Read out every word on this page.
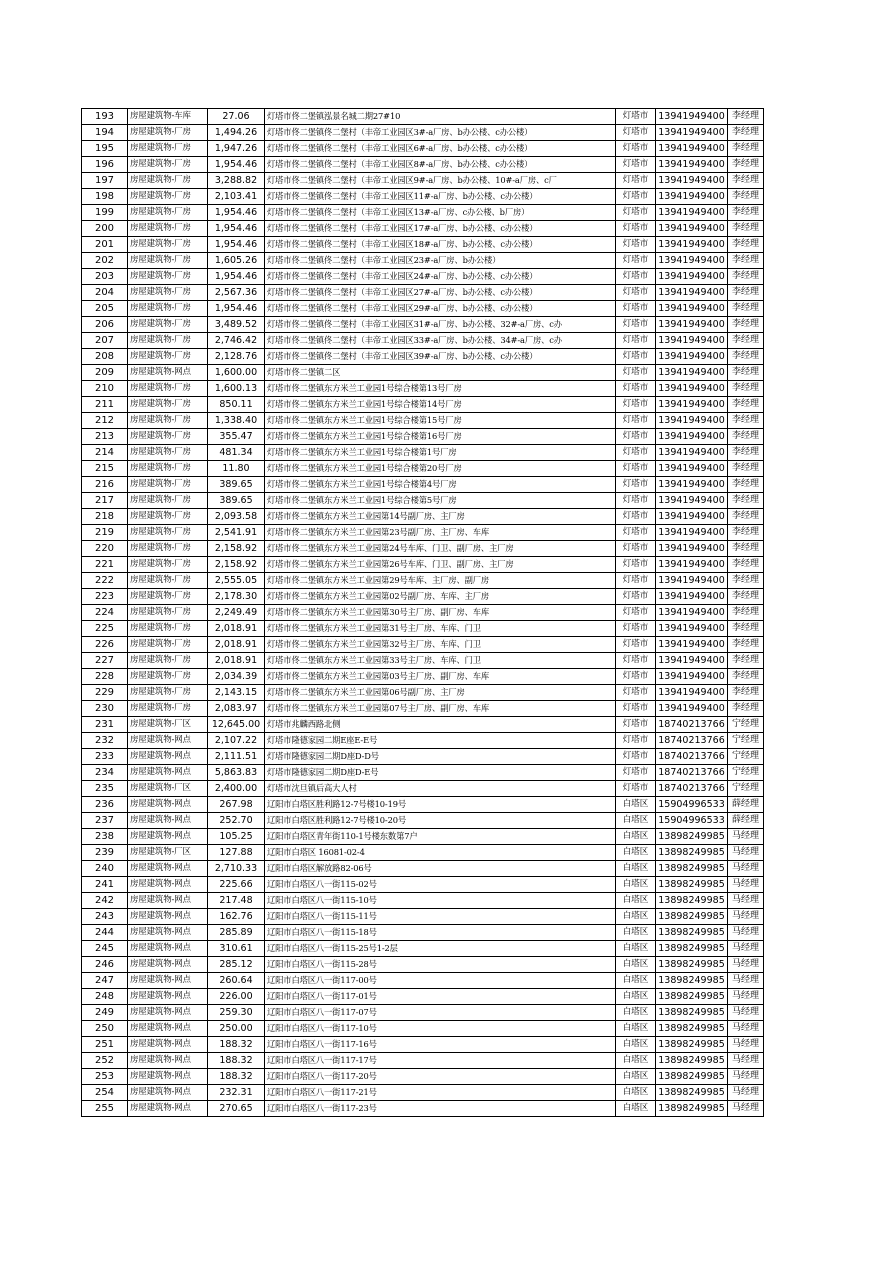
193	房屋建筑物-车库	27.06	灯塔市佟二堡镇泓景名城二期27#10	灯塔市	13941949400	李经理
194	房屋建筑物-厂房	1,494.26	灯塔市佟二堡镇佟二堡村（丰帝工业园区3#-a厂房、b办公楼、c办公楼）	灯塔市	13941949400	李经理
195	房屋建筑物-厂房	1,947.26	灯塔市佟二堡镇佟二堡村（丰帝工业园区6#-a厂房、b办公楼、c办公楼）	灯塔市	13941949400	李经理
196	房屋建筑物-厂房	1,954.46	灯塔市佟二堡镇佟二堡村（丰帝工业园区8#-a厂房、b办公楼、c办公楼）	灯塔市	13941949400	李经理
197	房屋建筑物-厂房	3,288.82	灯塔市佟二堡镇佟二堡村（丰帝工业园区9#-a厂房、b办公楼、10#-a厂房、c厂	灯塔市	13941949400	李经理
198	房屋建筑物-厂房	2,103.41	灯塔市佟二堡镇佟二堡村（丰帝工业园区11#-a厂房、b办公楼、c办公楼）	灯塔市	13941949400	李经理
199	房屋建筑物-厂房	1,954.46	灯塔市佟二堡镇佟二堡村（丰帝工业园区13#-a厂房、c办公楼、b厂房）	灯塔市	13941949400	李经理
200	房屋建筑物-厂房	1,954.46	灯塔市佟二堡镇佟二堡村（丰帝工业园区17#-a厂房、b办公楼、c办公楼）	灯塔市	13941949400	李经理
201	房屋建筑物-厂房	1,954.46	灯塔市佟二堡镇佟二堡村（丰帝工业园区18#-a厂房、b办公楼、c办公楼）	灯塔市	13941949400	李经理
202	房屋建筑物-厂房	1,605.26	灯塔市佟二堡镇佟二堡村（丰帝工业园区23#-a厂房、b办公楼）	灯塔市	13941949400	李经理
203	房屋建筑物-厂房	1,954.46	灯塔市佟二堡镇佟二堡村（丰帝工业园区24#-a厂房、b办公楼、c办公楼）	灯塔市	13941949400	李经理
204	房屋建筑物-厂房	2,567.36	灯塔市佟二堡镇佟二堡村（丰帝工业园区27#-a厂房、b办公楼、c办公楼）	灯塔市	13941949400	李经理
205	房屋建筑物-厂房	1,954.46	灯塔市佟二堡镇佟二堡村（丰帝工业园区29#-a厂房、b办公楼、c办公楼）	灯塔市	13941949400	李经理
206	房屋建筑物-厂房	3,489.52	灯塔市佟二堡镇佟二堡村（丰帝工业园区31#-a厂房、b办公楼、32#-a厂房、c办	灯塔市	13941949400	李经理
207	房屋建筑物-厂房	2,746.42	灯塔市佟二堡镇佟二堡村（丰帝工业园区33#-a厂房、b办公楼、34#-a厂房、c办	灯塔市	13941949400	李经理
208	房屋建筑物-厂房	2,128.76	灯塔市佟二堡镇佟二堡村（丰帝工业园区39#-a厂房、b办公楼、c办公楼）	灯塔市	13941949400	李经理
209	房屋建筑物-网点	1,600.00	灯塔市佟二堡镇二区	灯塔市	13941949400	李经理
210	房屋建筑物-厂房	1,600.13	灯塔市佟二堡镇东方米兰工业园1号综合楼第13号厂房	灯塔市	13941949400	李经理
211	房屋建筑物-厂房	850.11	灯塔市佟二堡镇东方米兰工业园1号综合楼第14号厂房	灯塔市	13941949400	李经理
212	房屋建筑物-厂房	1,338.40	灯塔市佟二堡镇东方米兰工业园1号综合楼第15号厂房	灯塔市	13941949400	李经理
213	房屋建筑物-厂房	355.47	灯塔市佟二堡镇东方米兰工业园1号综合楼第16号厂房	灯塔市	13941949400	李经理
214	房屋建筑物-厂房	481.34	灯塔市佟二堡镇东方米兰工业园1号综合楼第1号厂房	灯塔市	13941949400	李经理
215	房屋建筑物-厂房	11.80	灯塔市佟二堡镇东方米兰工业园1号综合楼第20号厂房	灯塔市	13941949400	李经理
216	房屋建筑物-厂房	389.65	灯塔市佟二堡镇东方米兰工业园1号综合楼第4号厂房	灯塔市	13941949400	李经理
217	房屋建筑物-厂房	389.65	灯塔市佟二堡镇东方米兰工业园1号综合楼第5号厂房	灯塔市	13941949400	李经理
218	房屋建筑物-厂房	2,093.58	灯塔市佟二堡镇东方米兰工业园第14号副厂房、主厂房	灯塔市	13941949400	李经理
219	房屋建筑物-厂房	2,541.91	灯塔市佟二堡镇东方米兰工业园第23号副厂房、主厂房、车库	灯塔市	13941949400	李经理
220	房屋建筑物-厂房	2,158.92	灯塔市佟二堡镇东方米兰工业园第24号车库、门卫、副厂房、主厂房	灯塔市	13941949400	李经理
221	房屋建筑物-厂房	2,158.92	灯塔市佟二堡镇东方米兰工业园第26号车库、门卫、副厂房、主厂房	灯塔市	13941949400	李经理
222	房屋建筑物-厂房	2,555.05	灯塔市佟二堡镇东方米兰工业园第29号车库、主厂房、副厂房	灯塔市	13941949400	李经理
223	房屋建筑物-厂房	2,178.30	灯塔市佟二堡镇东方米兰工业园第02号副厂房、车库、主厂房	灯塔市	13941949400	李经理
224	房屋建筑物-厂房	2,249.49	灯塔市佟二堡镇东方米兰工业园第30号主厂房、副厂房、车库	灯塔市	13941949400	李经理
225	房屋建筑物-厂房	2,018.91	灯塔市佟二堡镇东方米兰工业园第31号主厂房、车库、门卫	灯塔市	13941949400	李经理
226	房屋建筑物-厂房	2,018.91	灯塔市佟二堡镇东方米兰工业园第32号主厂房、车库、门卫	灯塔市	13941949400	李经理
227	房屋建筑物-厂房	2,018.91	灯塔市佟二堡镇东方米兰工业园第33号主厂房、车库、门卫	灯塔市	13941949400	李经理
228	房屋建筑物-厂房	2,034.39	灯塔市佟二堡镇东方米兰工业园第03号主厂房、副厂房、车库	灯塔市	13941949400	李经理
229	房屋建筑物-厂房	2,143.15	灯塔市佟二堡镇东方米兰工业园第06号副厂房、主厂房	灯塔市	13941949400	李经理
230	房屋建筑物-厂房	2,083.97	灯塔市佟二堡镇东方米兰工业园第07号主厂房、副厂房、车库	灯塔市	13941949400	李经理
231	房屋建筑物-厂区	12,645.00	灯塔市兆麟西路北侧	灯塔市	18740213766	宁经理
232	房屋建筑物-网点	2,107.22	灯塔市隆德家园二期E座E-E号	灯塔市	18740213766	宁经理
233	房屋建筑物-网点	2,111.51	灯塔市隆德家园二期D座D-D号	灯塔市	18740213766	宁经理
234	房屋建筑物-网点	5,863.83	灯塔市隆德家园二期D座D-E号	灯塔市	18740213766	宁经理
235	房屋建筑物-厂区	2,400.00	灯塔市沈旦镇后高大人村	灯塔市	18740213766	宁经理
236	房屋建筑物-网点	267.98	辽阳市白塔区胜利路12-7号楼10-19号	白塔区	15904996533	薛经理
237	房屋建筑物-网点	252.70	辽阳市白塔区胜利路12-7号楼10-20号	白塔区	15904996533	薛经理
238	房屋建筑物-网点	105.25	辽阳市白塔区青年街110-1号楼东数第7户	白塔区	13898249985	马经理
239	房屋建筑物-厂区	127.88	辽阳市白塔区 16081-02-4	白塔区	13898249985	马经理
240	房屋建筑物-网点	2,710.33	辽阳市白塔区解放路82-06号	白塔区	13898249985	马经理
241	房屋建筑物-网点	225.66	辽阳市白塔区八一街115-02号	白塔区	13898249985	马经理
242	房屋建筑物-网点	217.48	辽阳市白塔区八一街115-10号	白塔区	13898249985	马经理
243	房屋建筑物-网点	162.76	辽阳市白塔区八一街115-11号	白塔区	13898249985	马经理
244	房屋建筑物-网点	285.89	辽阳市白塔区八一街115-18号	白塔区	13898249985	马经理
245	房屋建筑物-网点	310.61	辽阳市白塔区八一街115-25号1-2层	白塔区	13898249985	马经理
246	房屋建筑物-网点	285.12	辽阳市白塔区八一街115-28号	白塔区	13898249985	马经理
247	房屋建筑物-网点	260.64	辽阳市白塔区八一街117-00号	白塔区	13898249985	马经理
248	房屋建筑物-网点	226.00	辽阳市白塔区八一街117-01号	白塔区	13898249985	马经理
249	房屋建筑物-网点	259.30	辽阳市白塔区八一街117-07号	白塔区	13898249985	马经理
250	房屋建筑物-网点	250.00	辽阳市白塔区八一街117-10号	白塔区	13898249985	马经理
251	房屋建筑物-网点	188.32	辽阳市白塔区八一街117-16号	白塔区	13898249985	马经理
252	房屋建筑物-网点	188.32	辽阳市白塔区八一街117-17号	白塔区	13898249985	马经理
253	房屋建筑物-网点	188.32	辽阳市白塔区八一街117-20号	白塔区	13898249985	马经理
254	房屋建筑物-网点	232.31	辽阳市白塔区八一街117-21号	白塔区	13898249985	马经理
255	房屋建筑物-网点	270.65	辽阳市白塔区八一街117-23号	白塔区	13898249985	马经理
